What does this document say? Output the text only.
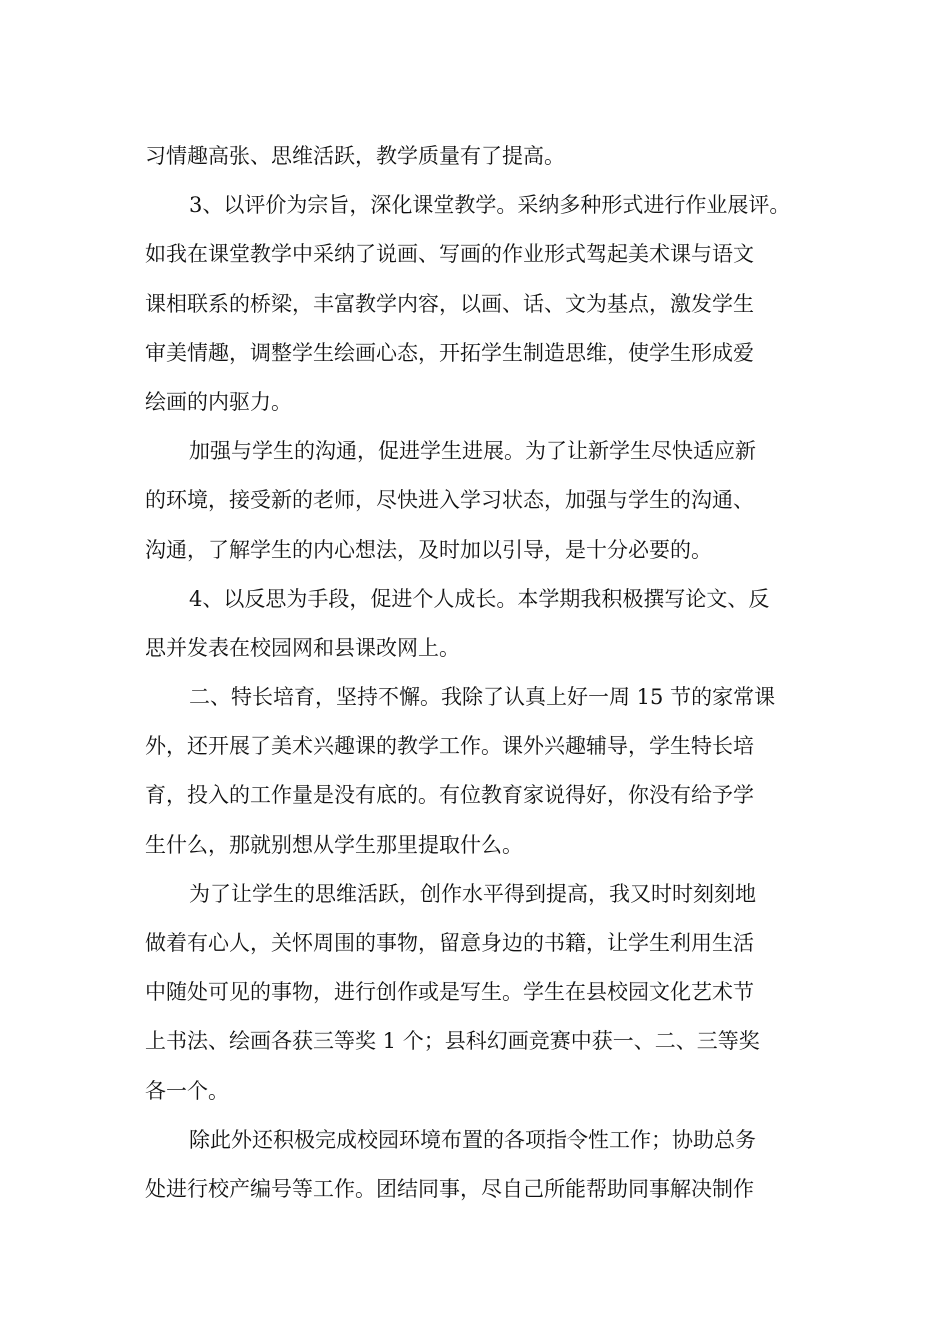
习情趣高张、思维活跃，教学质量有了提高。
3、以评价为宗旨，深化课堂教学。采纳多种形式进行作业展评。
如我在课堂教学中采纳了说画、写画的作业形式驾起美术课与语文
课相联系的桥梁，丰富教学内容，以画、话、文为基点，激发学生
审美情趣，调整学生绘画心态，开拓学生制造思维，使学生形成爱
绘画的内驱力。
加强与学生的沟通，促进学生进展。为了让新学生尽快适应新
的环境，接受新的老师，尽快进入学习状态，加强与学生的沟通、
沟通，了解学生的内心想法，及时加以引导，是十分必要的。
4、以反思为手段，促进个人成长。本学期我积极撰写论文、反
思并发表在校园网和县课改网上。
二、特长培育，坚持不懈。我除了认真上好一周 15 节的家常课
外，还开展了美术兴趣课的教学工作。课外兴趣辅导，学生特长培
育，投入的工作量是没有底的。有位教育家说得好，你没有给予学
生什么，那就别想从学生那里提取什么。
为了让学生的思维活跃，创作水平得到提高，我又时时刻刻地
做着有心人，关怀周围的事物，留意身边的书籍，让学生利用生活
中随处可见的事物，进行创作或是写生。学生在县校园文化艺术节
上书法、绘画各获三等奖 1 个；县科幻画竞赛中获一、二、三等奖
各一个。
除此外还积极完成校园环境布置的各项指令性工作；协助总务
处进行校产编号等工作。团结同事，尽自己所能帮助同事解决制作
